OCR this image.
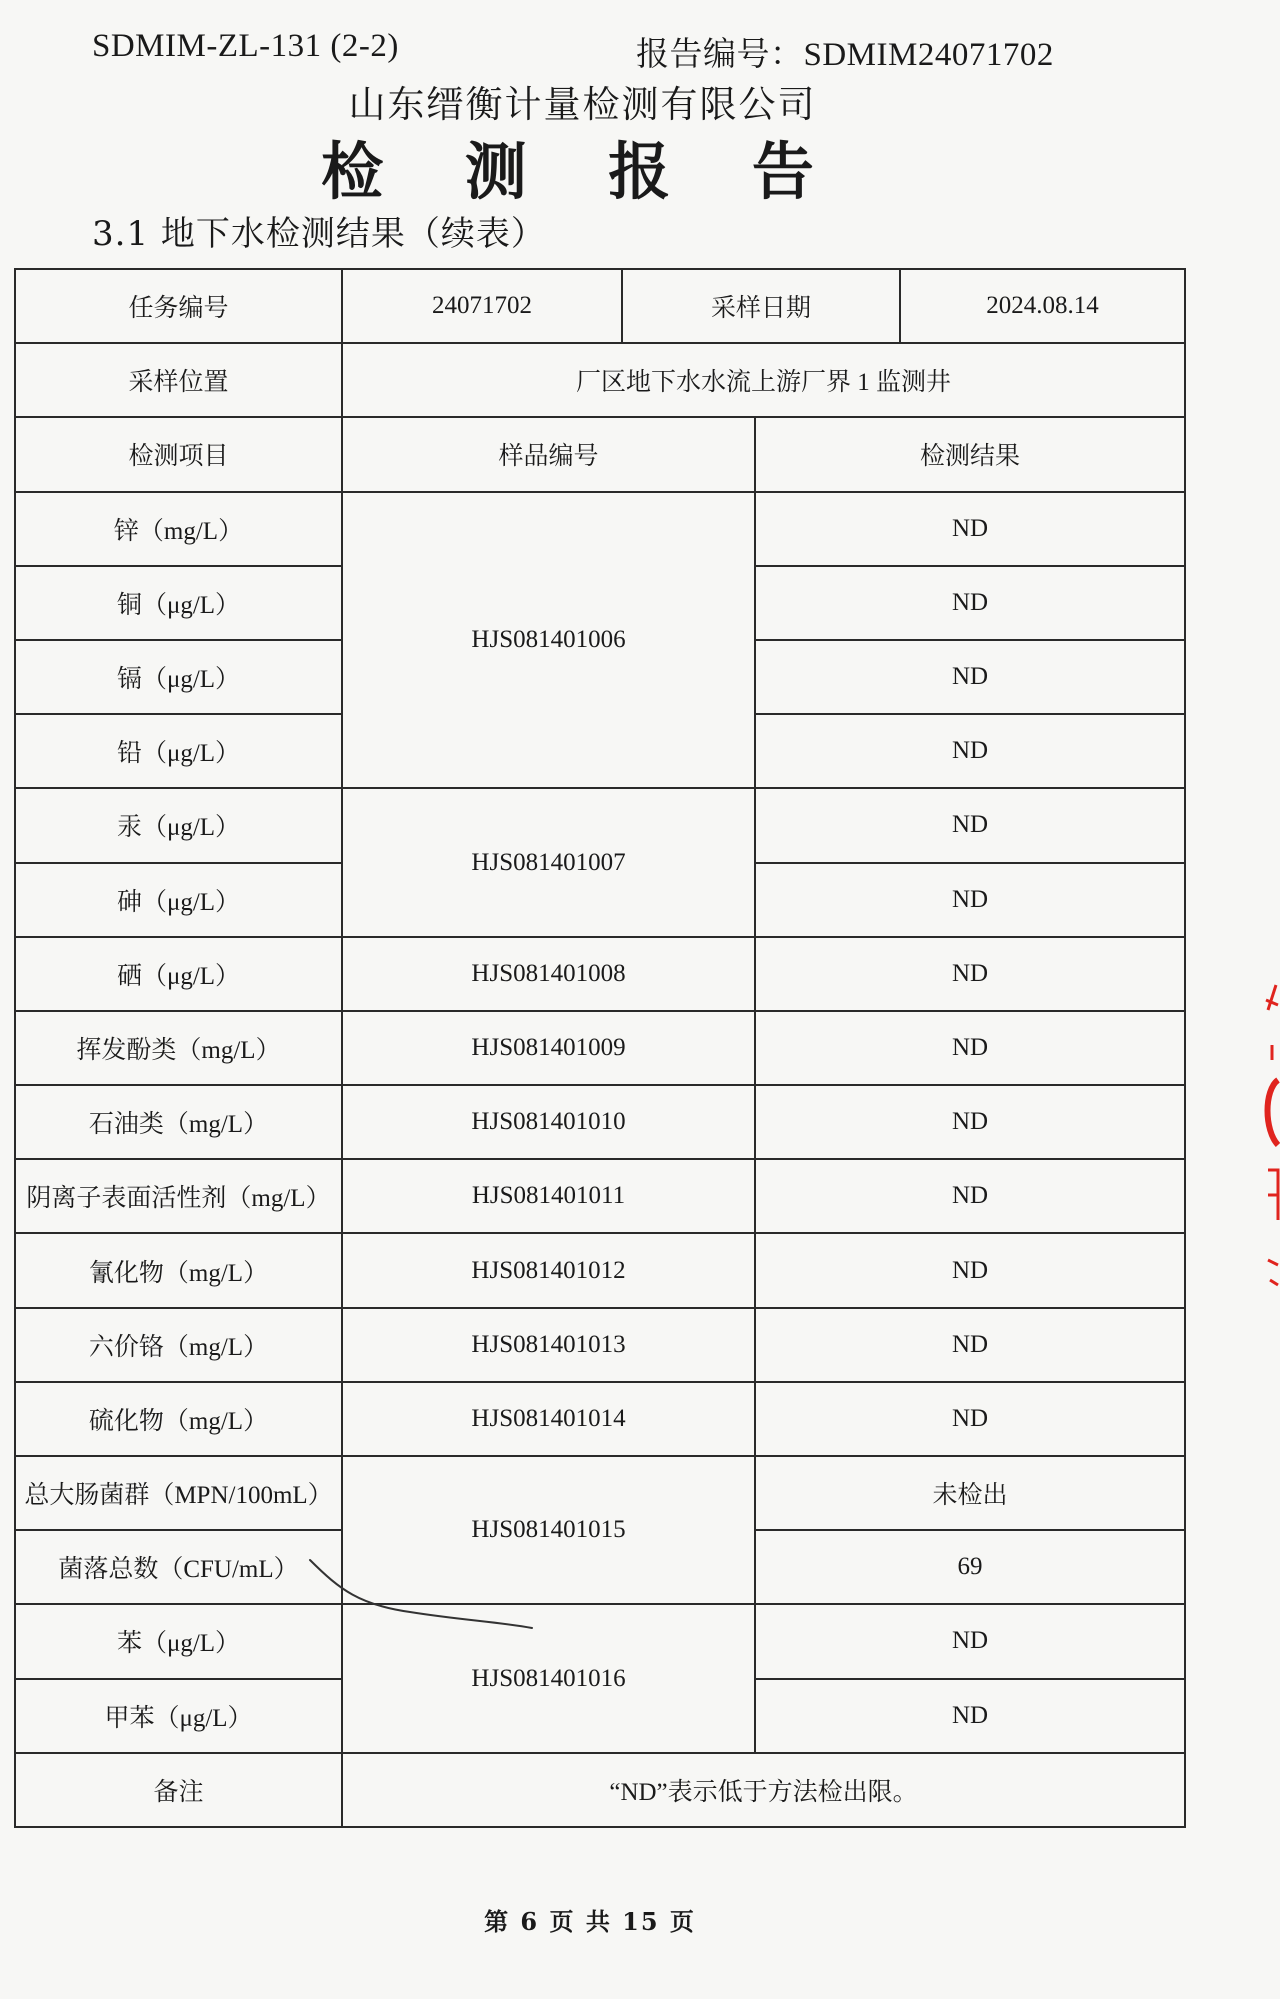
SDMIM-ZL-131 (2-2)	报告编号：SDMIM24071702
山东缙衡计量检测有限公司
检 测 报 告
3.1 地下水检测结果（续表）
任务编号	24071702	采样日期		2024.08.14
采样位置	厂区地下水水流上游厂界 1 监测井			
检测项目	样品编号		检测结果	
锌（mg/L）	HJS081401006		ND	
铜（μg/L）			ND	
镉（μg/L）			ND	
铅（μg/L）			ND	
汞（μg/L）	HJS081401007		ND	
砷（μg/L）			ND	
硒（μg/L）	HJS081401008		ND	
挥发酚类（mg/L）	HJS081401009		ND	
石油类（mg/L）	HJS081401010		ND	
阴离子表面活性剂（mg/L）	HJS081401011		ND	
氰化物（mg/L）	HJS081401012		ND	
六价铬（mg/L）	HJS081401013		ND	
硫化物（mg/L）	HJS081401014		ND	
总大肠菌群（MPN/100mL）	HJS081401015		未检出	
菌落总数（CFU/mL）			69	
苯（μg/L）	HJS081401016		ND	
甲苯（μg/L）			ND	
备注	“ND”表示低于方法检出限。			
第 6 页 共 15 页
